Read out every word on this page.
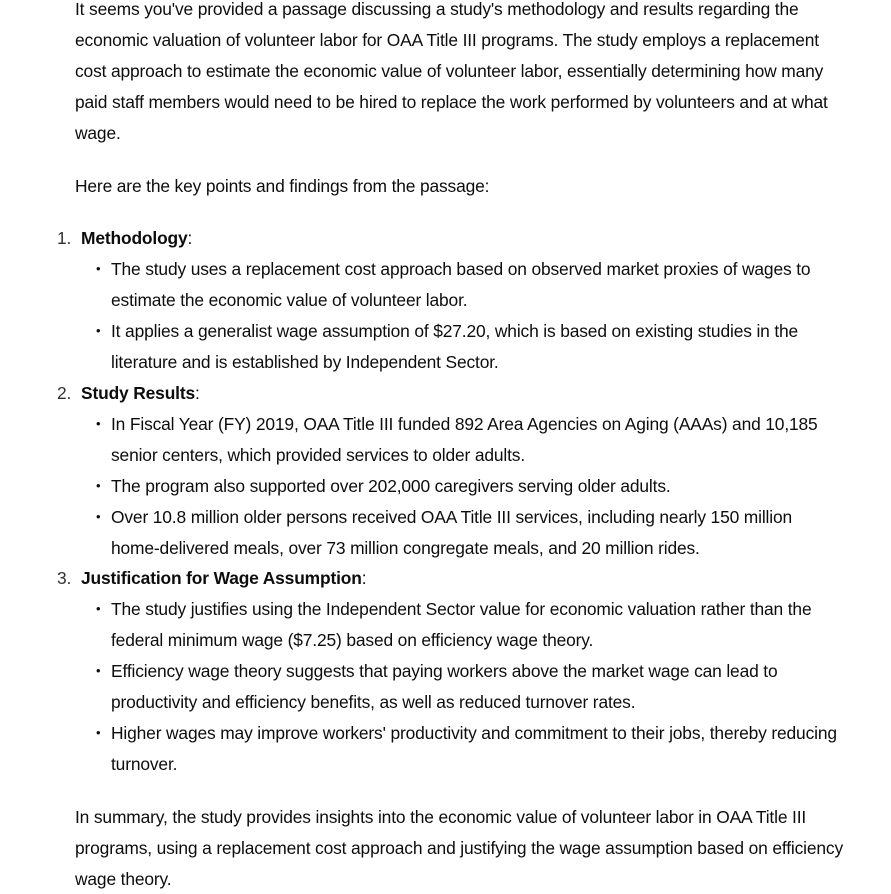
It seems you've provided a passage discussing a study's methodology and results regarding the economic valuation of volunteer labor for OAA Title III programs. The study employs a replacement cost approach to estimate the economic value of volunteer labor, essentially determining how many paid staff members would need to be hired to replace the work performed by volunteers and at what wage.

Here are the key points and findings from the passage:

1. Methodology:
• The study uses a replacement cost approach based on observed market proxies of wages to estimate the economic value of volunteer labor.
• It applies a generalist wage assumption of $27.20, which is based on existing studies in the literature and is established by Independent Sector.
2. Study Results:
• In Fiscal Year (FY) 2019, OAA Title III funded 892 Area Agencies on Aging (AAAs) and 10,185 senior centers, which provided services to older adults.
• The program also supported over 202,000 caregivers serving older adults.
• Over 10.8 million older persons received OAA Title III services, including nearly 150 million home-delivered meals, over 73 million congregate meals, and 20 million rides.
3. Justification for Wage Assumption:
• The study justifies using the Independent Sector value for economic valuation rather than the federal minimum wage ($7.25) based on efficiency wage theory.
• Efficiency wage theory suggests that paying workers above the market wage can lead to productivity and efficiency benefits, as well as reduced turnover rates.
• Higher wages may improve workers' productivity and commitment to their jobs, thereby reducing turnover.

In summary, the study provides insights into the economic value of volunteer labor in OAA Title III programs, using a replacement cost approach and justifying the wage assumption based on efficiency wage theory.
